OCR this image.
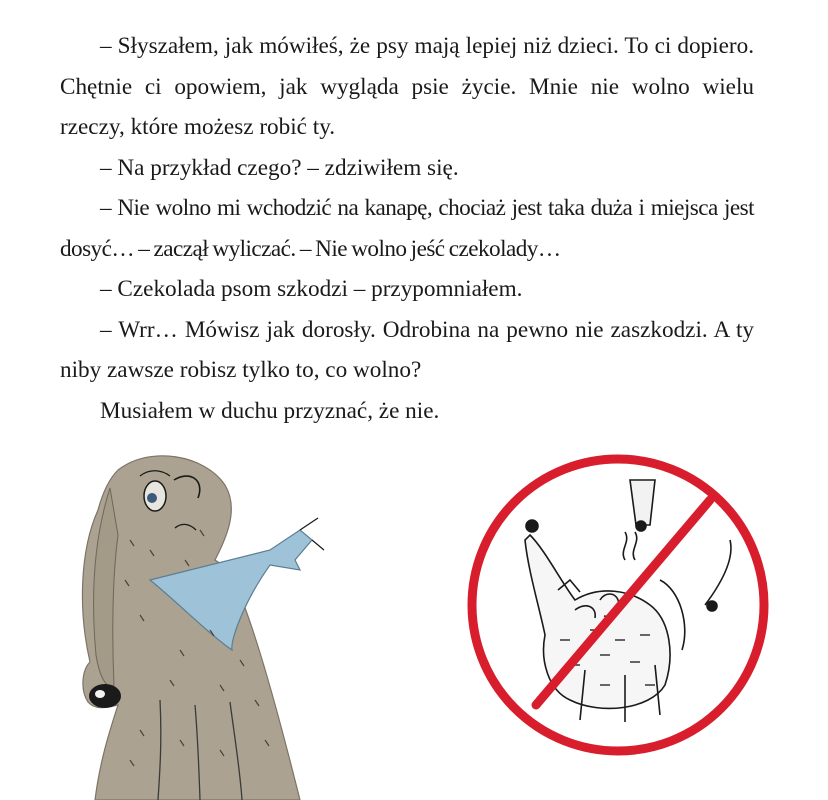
– Słyszałem, jak mówiłeś, że psy mają lepiej niż dzieci. To ci dopiero. Chętnie ci opowiem, jak wygląda psie życie. Mnie nie wolno wielu rzeczy, które możesz robić ty.

– Na przykład czego? – zdziwiłem się.

– Nie wolno mi wchodzić na kanapę, chociaż jest taka duża i miejsca jest dosyć… – zaczął wyliczać. – Nie wolno jeść czekolady…

– Czekolada psom szkodzi – przypomniałem.

– Wrr… Mówisz jak dorosły. Odrobina na pewno nie zaszkodzi. A ty niby zawsze robisz tylko to, co wolno?

Musiałem w duchu przyznać, że nie.
